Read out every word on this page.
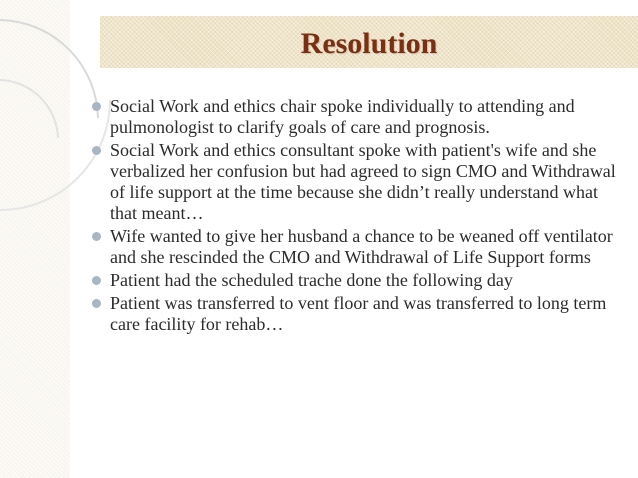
Resolution
Social Work and ethics chair spoke individually to attending and pulmonologist to clarify goals of care and prognosis.
Social Work and ethics consultant spoke with patient's wife and she verbalized her confusion but had agreed to sign CMO and Withdrawal of life support at the time because she didn’t really understand what that meant…
Wife wanted to give her husband a chance to be weaned off ventilator and she rescinded the CMO and Withdrawal of Life Support forms
Patient had the scheduled trache done the following day
Patient was transferred to vent floor and was transferred to long term care facility for rehab…
